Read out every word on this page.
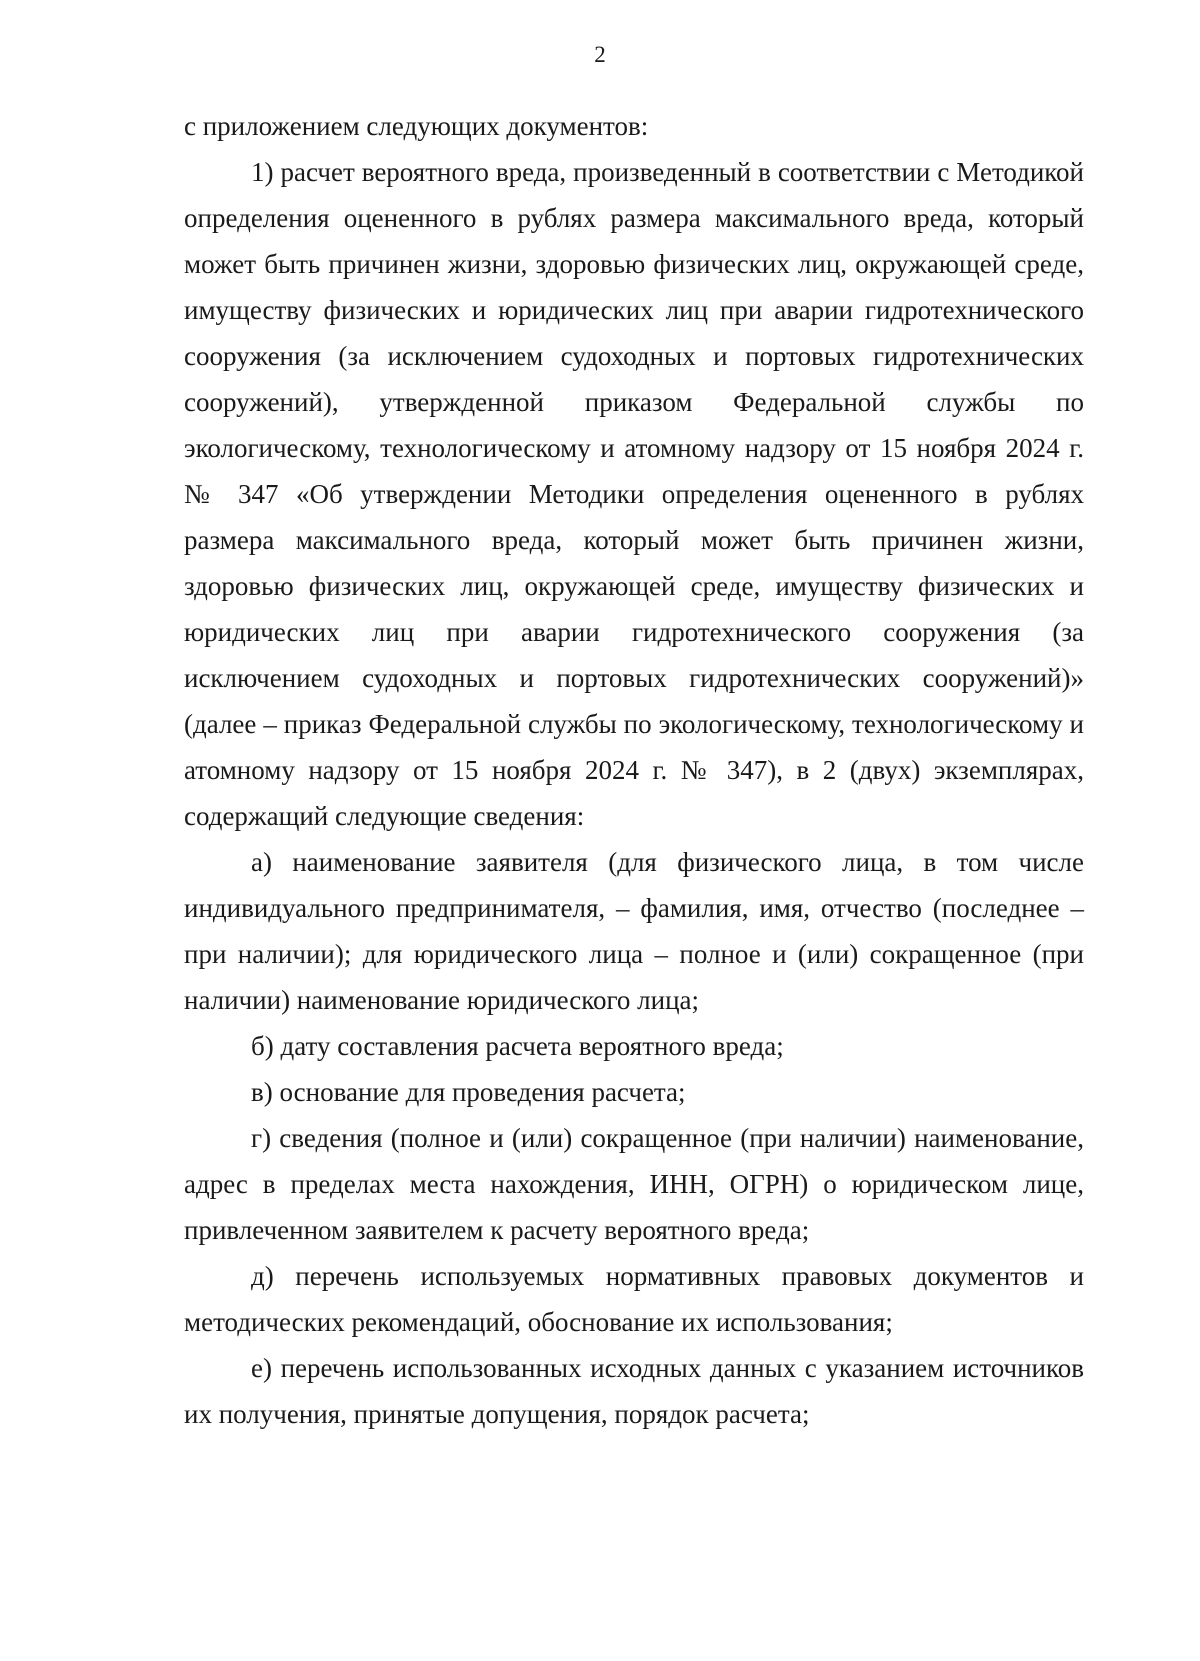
2

с приложением следующих документов:

1) расчет вероятного вреда, произведенный в соответствии с Методикой определения оцененного в рублях размера максимального вреда, который может быть причинен жизни, здоровью физических лиц, окружающей среде, имуществу физических и юридических лиц при аварии гидротехнического сооружения (за исключением судоходных и портовых гидротехнических сооружений), утвержденной приказом Федеральной службы по экологическому, технологическому и атомному надзору от 15 ноября 2024 г. № 347 «Об утверждении Методики определения оцененного в рублях размера максимального вреда, который может быть причинен жизни, здоровью физических лиц, окружающей среде, имуществу физических и юридических лиц при аварии гидротехнического сооружения (за исключением судоходных и портовых гидротехнических сооружений)» (далее – приказ Федеральной службы по экологическому, технологическому и атомному надзору от 15 ноября 2024 г. № 347), в 2 (двух) экземплярах, содержащий следующие сведения:

а) наименование заявителя (для физического лица, в том числе индивидуального предпринимателя, – фамилия, имя, отчество (последнее – при наличии); для юридического лица – полное и (или) сокращенное (при наличии) наименование юридического лица;

б) дату составления расчета вероятного вреда;

в) основание для проведения расчета;

г) сведения (полное и (или) сокращенное (при наличии) наименование, адрес в пределах места нахождения, ИНН, ОГРН) о юридическом лице, привлеченном заявителем к расчету вероятного вреда;

д) перечень используемых нормативных правовых документов и методических рекомендаций, обоснование их использования;

е) перечень использованных исходных данных с указанием источников их получения, принятые допущения, порядок расчета;
